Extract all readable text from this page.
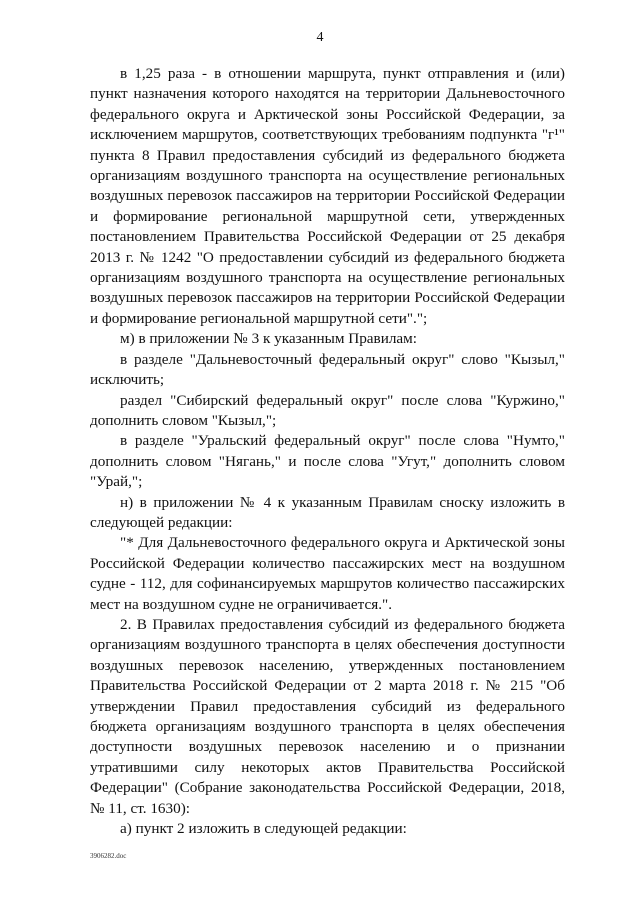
4

в 1,25 раза - в отношении маршрута, пункт отправления и (или) пункт назначения которого находятся на территории Дальневосточного федерального округа и Арктической зоны Российской Федерации, за исключением маршрутов, соответствующих требованиям подпункта "г¹" пункта 8 Правил предоставления субсидий из федерального бюджета организациям воздушного транспорта на осуществление региональных воздушных перевозок пассажиров на территории Российской Федерации и формирование региональной маршрутной сети, утвержденных постановлением Правительства Российской Федерации от 25 декабря 2013 г. № 1242 "О предоставлении субсидий из федерального бюджета организациям воздушного транспорта на осуществление региональных воздушных перевозок пассажиров на территории Российской Федерации и формирование региональной маршрутной сети".";

м) в приложении № 3 к указанным Правилам:

в разделе "Дальневосточный федеральный округ" слово "Кызыл," исключить;

раздел "Сибирский федеральный округ" после слова "Куржино," дополнить словом "Кызыл,";

в разделе "Уральский федеральный округ" после слова "Нумто," дополнить словом "Нягань," и после слова "Угут," дополнить словом "Урай,";

н) в приложении № 4 к указанным Правилам сноску изложить в следующей редакции:

"* Для Дальневосточного федерального округа и Арктической зоны Российской Федерации количество пассажирских мест на воздушном судне - 112, для софинансируемых маршрутов количество пассажирских мест на воздушном судне не ограничивается.".

2. В Правилах предоставления субсидий из федерального бюджета организациям воздушного транспорта в целях обеспечения доступности воздушных перевозок населению, утвержденных постановлением Правительства Российской Федерации от 2 марта 2018 г. № 215 "Об утверждении Правил предоставления субсидий из федерального бюджета организациям воздушного транспорта в целях обеспечения доступности воздушных перевозок населению и о признании утратившими силу некоторых актов Правительства Российской Федерации" (Собрание законодательства Российской Федерации, 2018, № 11, ст. 1630):

а) пункт 2 изложить в следующей редакции:

3906282.doc
